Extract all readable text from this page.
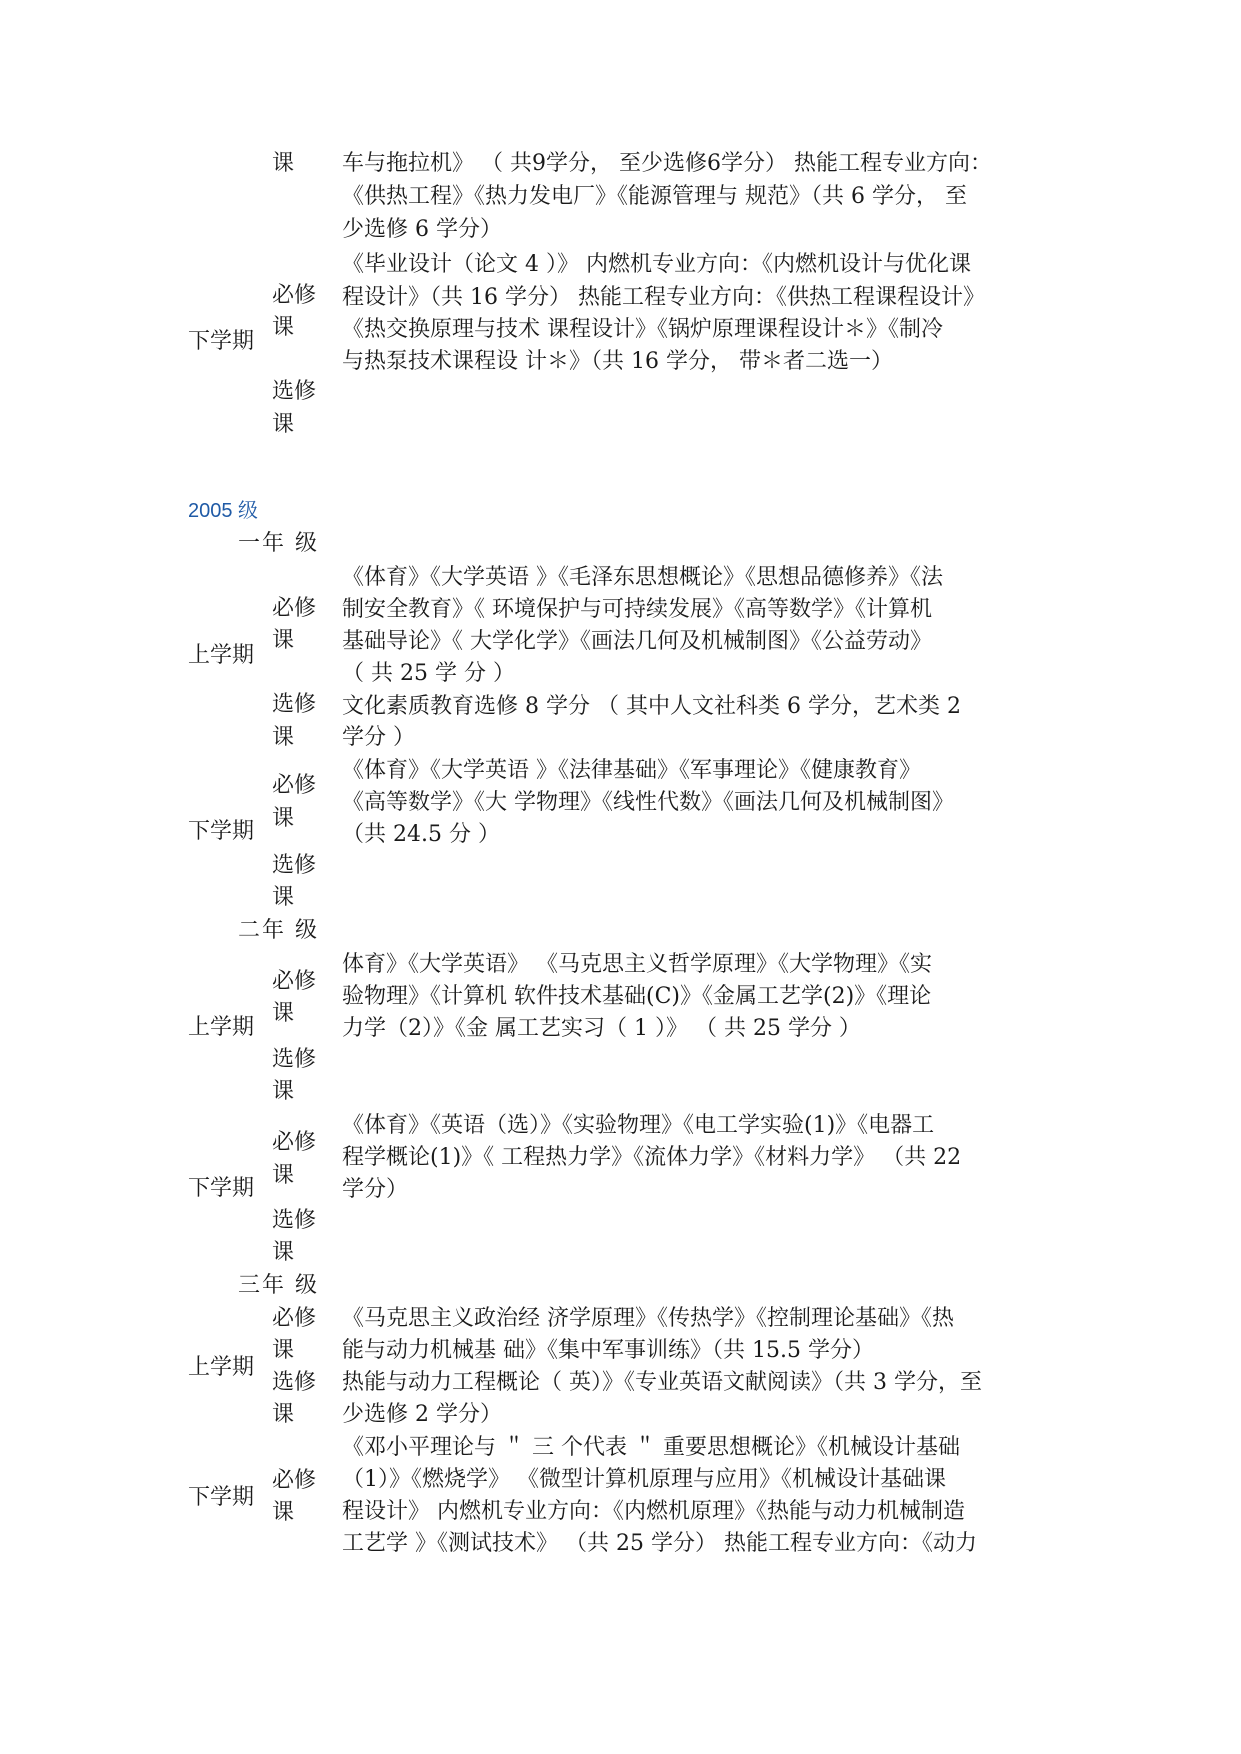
课 车与拖拉机》 （ 共9学分， 至少选修6学分） 热能工程专业方向：
《供热工程》《热力发电厂》《能源管理与 规范》（共 6 学分， 至
少选修 6 学分）
下学期
必修
课
《毕业设计（论文 4 ）》 内燃机专业方向：《内燃机设计与优化课
程设计》（共 16 学分） 热能工程专业方向：《供热工程课程设计》
《热交换原理与技术 课程设计》《锅炉原理课程设计＊》《制冷
与热泵技术课程设 计＊》（共 16 学分， 带＊者二选一）
选修
课
2005 级
一年 级
上学期
必修
课
《体育》《大学英语 》《毛泽东思想概论》《思想品德修养》《法
制安全教育》《 环境保护与可持续发展》《高等数学》《计算机
基础导论》《 大学化学》《画法几何及机械制图》《公益劳动》
（ 共 25 学 分 ）
选修
课
文化素质教育选修 8 学分 （ 其中人文社科类 6 学分，艺术类 2
学分 ）
下学期
必修
课
《体育》《大学英语 》《法律基础》《军事理论》《健康教育》
《高等数学》《大 学物理》《线性代数》《画法几何及机械制图》
（共 24.5 分 ）
选修
课
二年 级
上学期
必修
课
体育》《大学英语》 《马克思主义哲学原理》《大学物理》《实
验物理》《计算机 软件技术基础(C)》《金属工艺学(2)》《理论
力学（2）》《金 属工艺实习（ 1 ）》 （ 共 25 学分 ）
选修
课
下学期
必修
课
《体育》《英语（选）》《实验物理》《电工学实验(1)》《电器工
程学概论(1)》《 工程热力学》《流体力学》《材料力学》 （共 22
学分）
选修
课
三年 级
上学期
必修
课
《马克思主义政治经 济学原理》《传热学》《控制理论基础》《热
能与动力机械基 础》《集中军事训练》（共 15.5 学分）
选修
课
热能与动力工程概论（ 英）》《专业英语文献阅读》（共 3 学分，至
少选修 2 学分）
下学期
必修
课
《邓小平理论与 ＂ 三 个代表 ＂ 重要思想概论》《机械设计基础
（1）》《燃烧学》 《微型计算机原理与应用》《机械设计基础课
程设计》 内燃机专业方向：《内燃机原理》《热能与动力机械制造
工艺学 》《测试技术》 （共 25 学分） 热能工程专业方向：《动力
